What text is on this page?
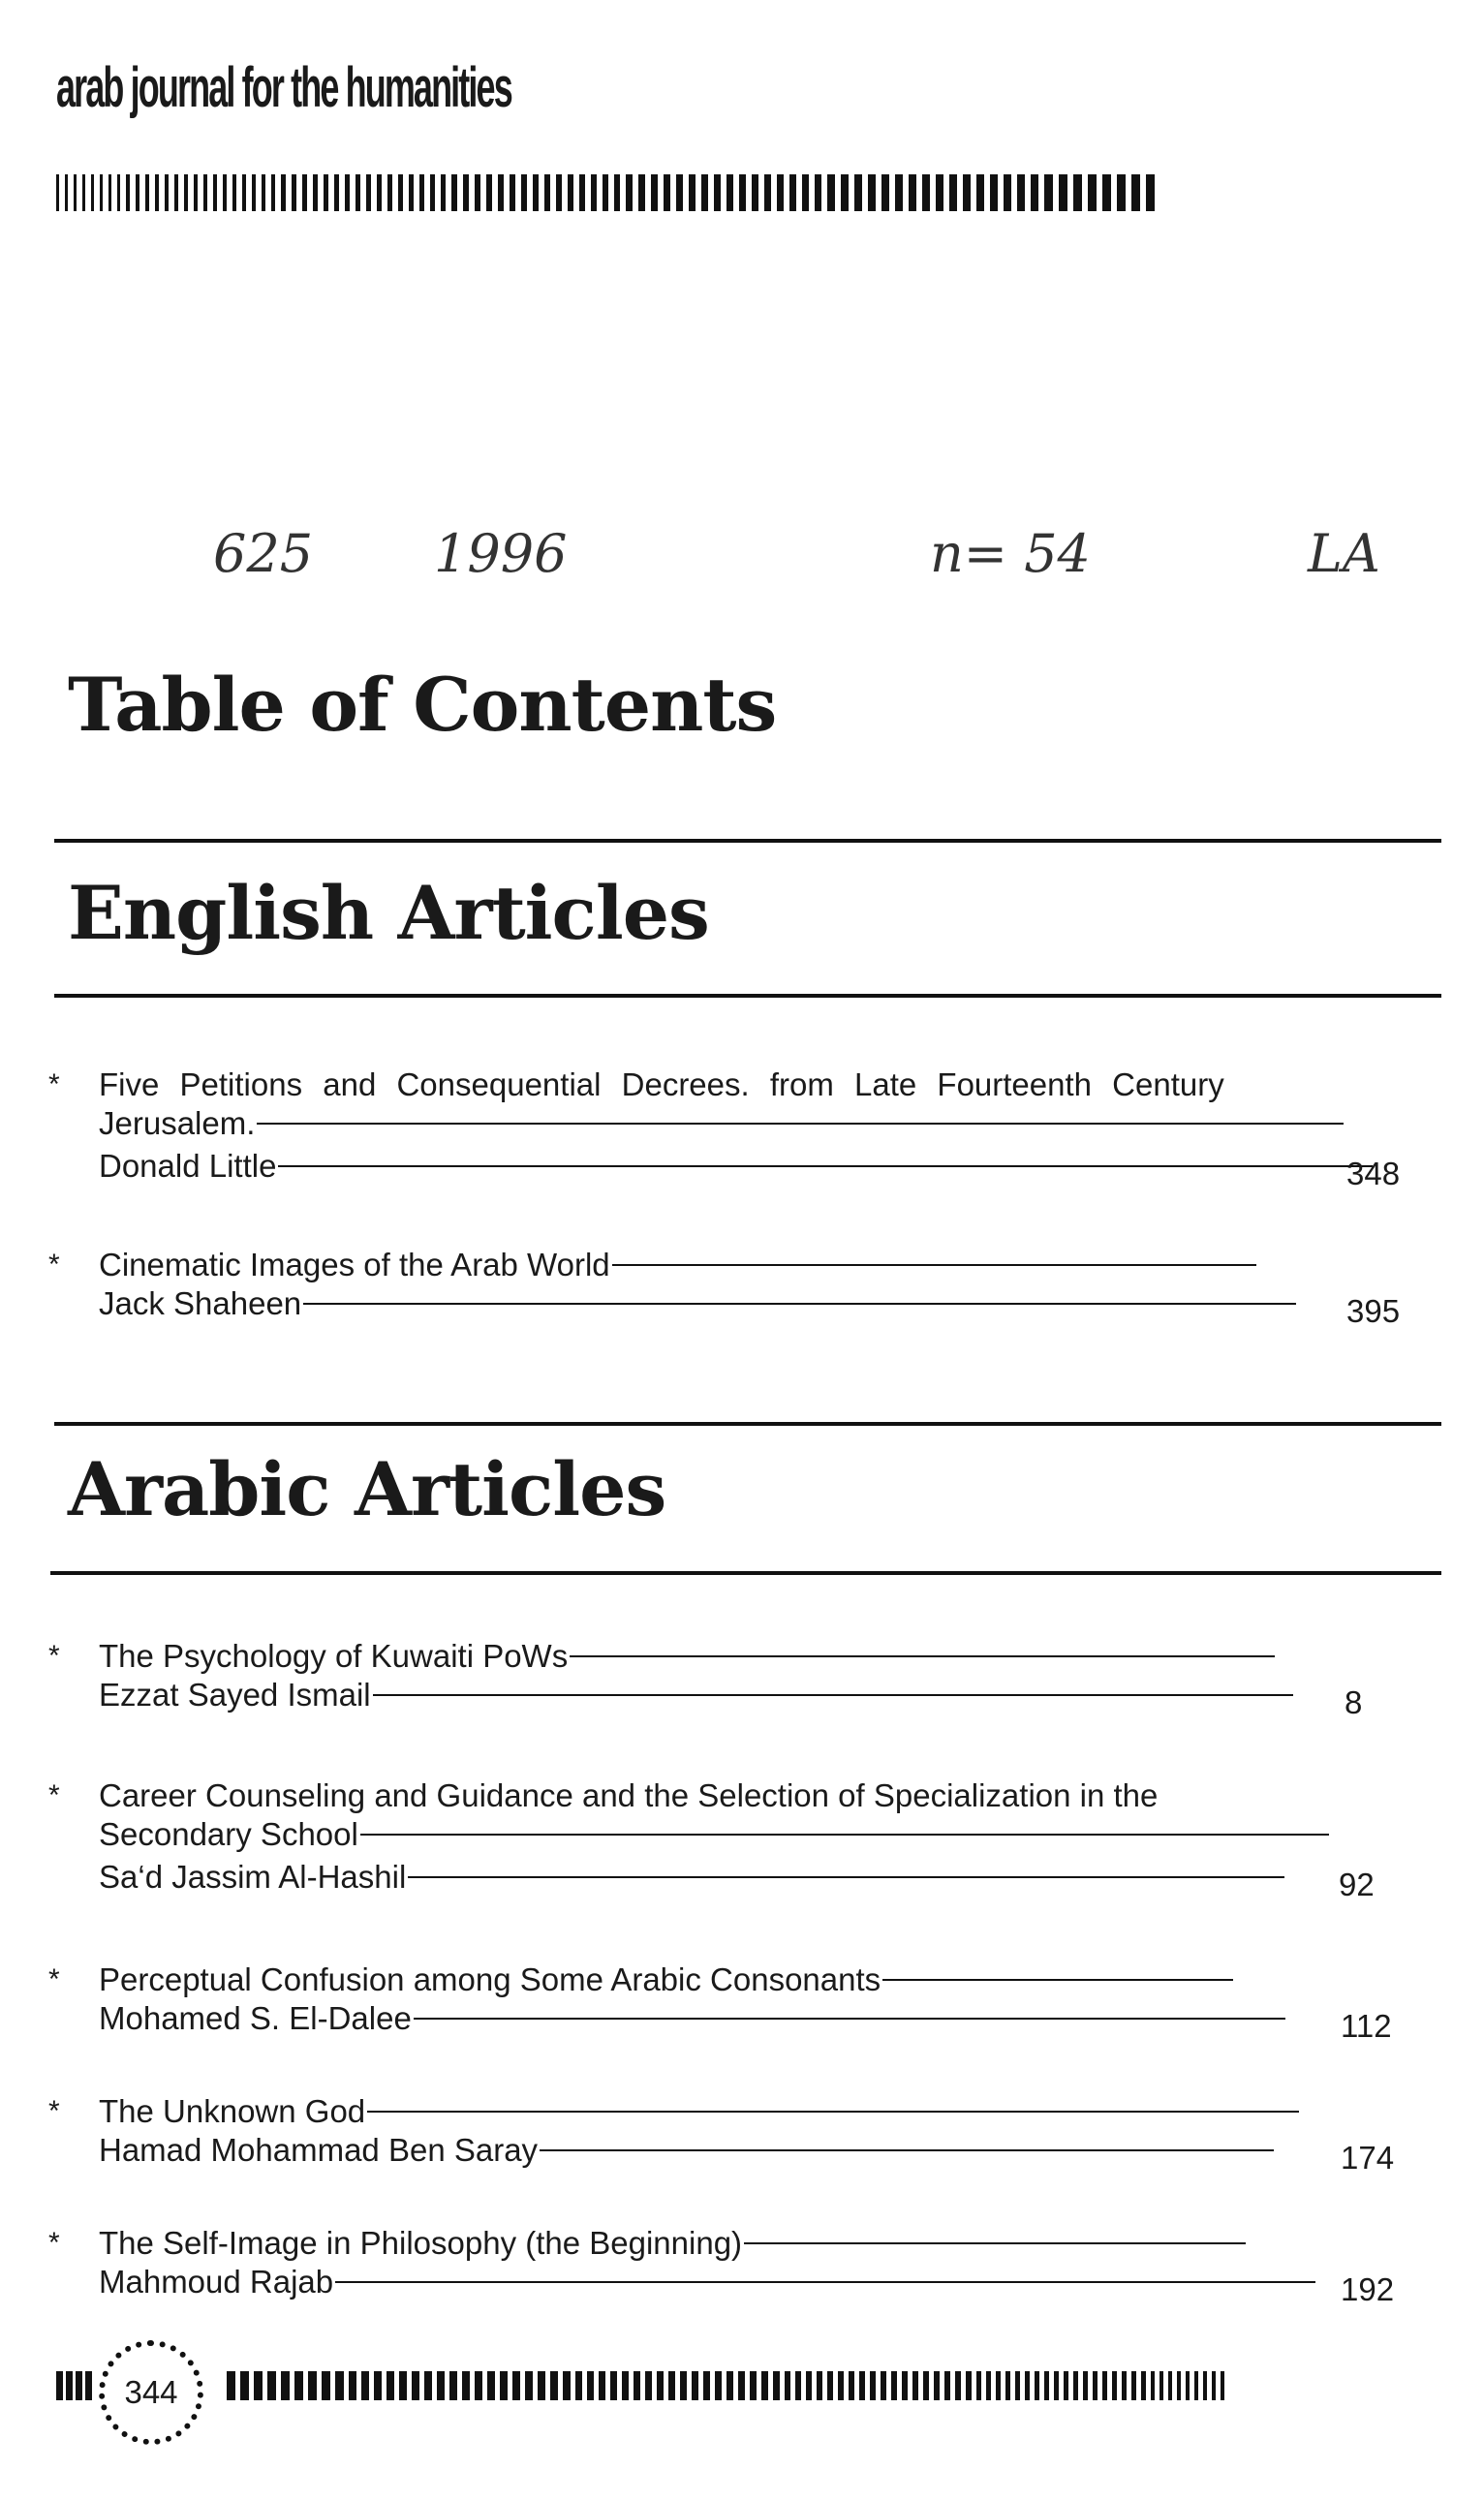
arab journal for the humanities
625 1996	n= 54	LA
Table of Contents
English Articles
* Five Petitions and Consequential Decrees. from Late Fourteenth Century
Jerusalem.
Donald Little	348
* Cinematic Images of the Arab World
Jack Shaheen	395
Arabic Articles
* The Psychology of Kuwaiti PoWs
Ezzat Sayed Ismail	8
* Career Counseling and Guidance and the Selection of Specialization in the
Secondary School
Sa‘d Jassim Al-Hashil	92
* Perceptual Confusion among Some Arabic Consonants
Mohamed S. El-Dalee	112
* The Unknown God
Hamad Mohammad Ben Saray	174
* The Self-Image in Philosophy (the Beginning)
Mahmoud Rajab	192
344
